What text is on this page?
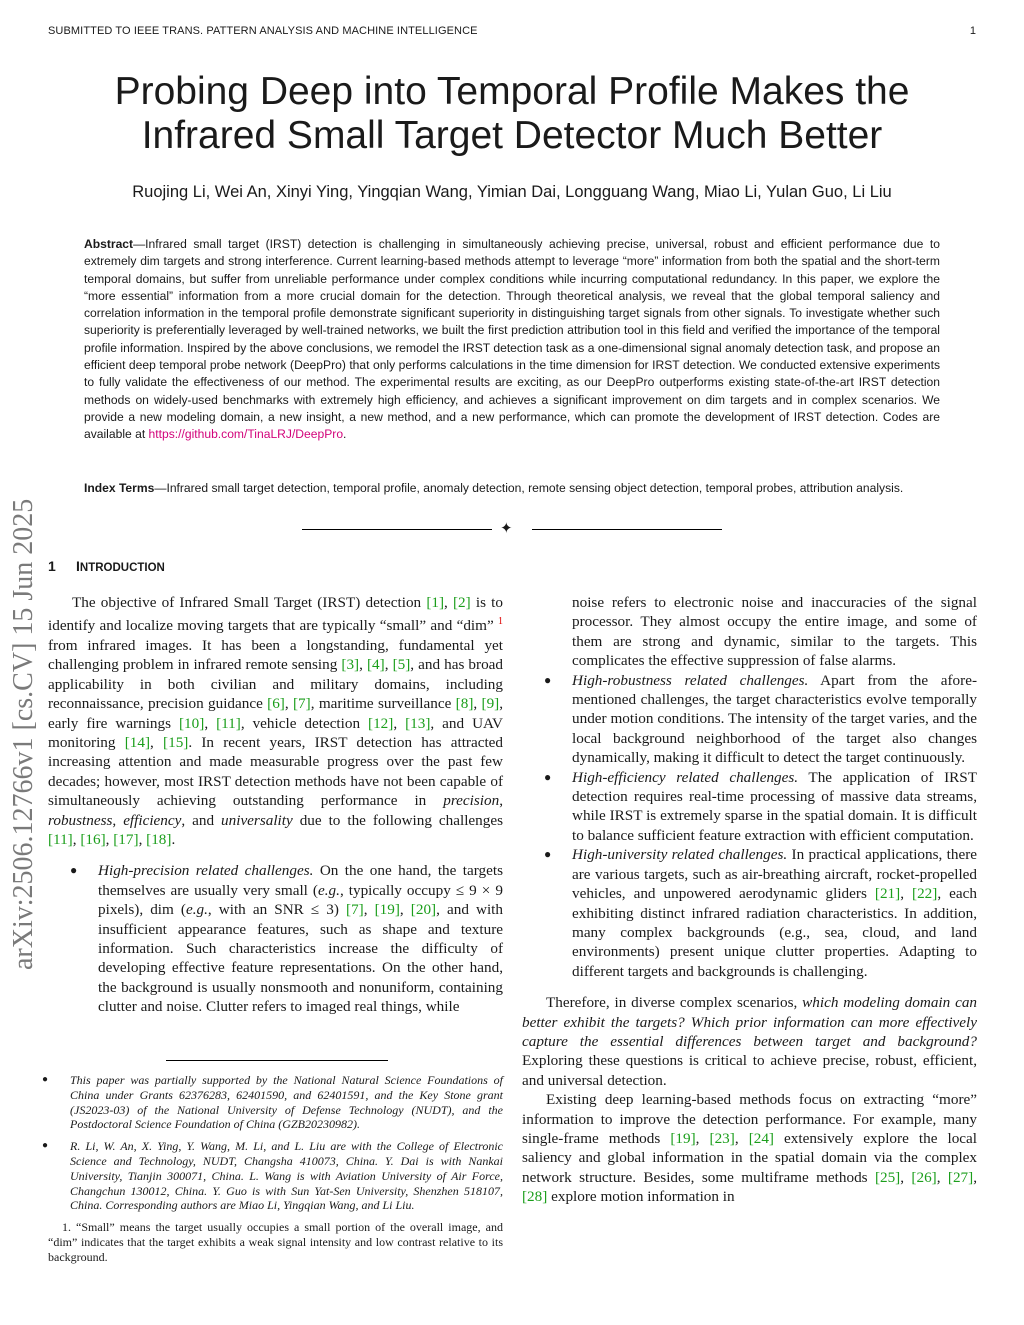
SUBMITTED TO IEEE TRANS. PATTERN ANALYSIS AND MACHINE INTELLIGENCE	1
Probing Deep into Temporal Profile Makes the
Infrared Small Target Detector Much Better
Ruojing Li, Wei An, Xinyi Ying, Yingqian Wang, Yimian Dai, Longguang Wang, Miao Li, Yulan Guo, Li Liu

Abstract—Infrared small target (IRST) detection is challenging in simultaneously achieving precise, universal, robust and efficient performance due to extremely dim targets and strong interference. Current learning-based methods attempt to leverage “more” information from both the spatial and the short-term temporal domains, but suffer from unreliable performance under complex conditions while incurring computational redundancy. In this paper, we explore the “more essential” information from a more crucial domain for the detection. Through theoretical analysis, we reveal that the global temporal saliency and correlation information in the temporal profile demonstrate significant superiority in distinguishing target signals from other signals. To investigate whether such superiority is preferentially leveraged by well-trained networks, we built the first prediction attribution tool in this field and verified the importance of the temporal profile information. Inspired by the above conclusions, we remodel the IRST detection task as a one-dimensional signal anomaly detection task, and propose an efficient deep temporal probe network (DeepPro) that only performs calculations in the time dimension for IRST detection. We conducted extensive experiments to fully validate the effectiveness of our method. The experimental results are exciting, as our DeepPro outperforms existing state-of-the-art IRST detection methods on widely-used benchmarks with extremely high efficiency, and achieves a significant improvement on dim targets and in complex scenarios. We provide a new modeling domain, a new insight, a new method, and a new performance, which can promote the development of IRST detection. Codes are available at https://github.com/TinaLRJ/DeepPro.

Index Terms—Infrared small target detection, temporal profile, anomaly detection, remote sensing object detection, temporal probes, attribution analysis.

✦
arXiv:2506.12766v1 [cs.CV] 15 Jun 2025 1 INTRODUCTION

The objective of Infrared Small Target (IRST) detection [1], [2] is to identify and localize moving targets that are typically “small” and “dim” $^1$ from infrared images. It has been a longstanding, fundamental yet challenging problem in infrared remote sensing [3], [4], [5], and has broad applicability in both civilian and military domains, including reconnaissance, precision guidance [6], [7], maritime surveillance [8], [9], early fire warnings [10], [11], vehicle detection [12], [13], and UAV monitoring [14], [15]. In recent years, IRST detection has attracted increasing attention and made measurable progress over the past few decades; however, most IRST detection methods have not been capable of simultaneously achieving outstanding performance in precision, robustness, efficiency, and universality due to the following challenges [11], [16], [17], [18].

● High-precision related challenges. On the one hand, the targets themselves are usually very small (e.g., typically occupy ≤ 9 × 9 pixels), dim (e.g., with an SNR ≤ 3) [7], [19], [20], and with insufficient appearance features, such as shape and texture information. Such characteristics increase the difficulty of developing effective feature representations. On the other hand, the background is usually nonsmooth and nonuniform, containing clutter and noise. Clutter refers to imaged real things, while
noise refers to electronic noise and inaccuracies of the signal processor. They almost occupy the entire image, and some of them are strong and dynamic, similar to the targets. This complicates the effective suppression of false alarms.
● High-robustness related challenges. Apart from the aforementioned challenges, the target characteristics evolve temporally under motion conditions. The intensity of the target varies, and the local background neighborhood of the target also changes dynamically, making it difficult to detect the target continuously.
● High-efficiency related challenges. The application of IRST detection requires real-time processing of massive data streams, while IRST is extremely sparse in the spatial domain. It is difficult to balance sufficient feature extraction with efficient computation.
● High-university related challenges. In practical applications, there are various targets, such as air-breathing aircraft, rocket-propelled vehicles, and unpowered aerodynamic gliders [21], [22], each exhibiting distinct infrared radiation characteristics. In addition, many complex backgrounds (e.g., sea, cloud, and land environments) present unique clutter properties. Adapting to different targets and backgrounds is challenging.

Therefore, in diverse complex scenarios, which modeling domain can better exhibit the targets? Which prior information can more effectively capture the essential differences between target and background? Exploring these questions is critical to achieve precise, robust, efficient, and universal detection.

Existing deep learning-based methods focus on extracting “more” information to improve the detection performance. For example, many single-frame methods [19], [23], [24] extensively explore the local saliency and global information in the spatial domain via the complex network structure. Besides, some multiframe methods [25], [26], [27], [28] explore motion information in

● This paper was partially supported by the National Natural Science Foundations of China under Grants 62376283, 62401590, and 62401591, and the Key Stone grant (JS2023-03) of the National University of Defense Technology (NUDT), and the Postdoctoral Science Foundation of China (GZB20230982).

● R. Li, W. An, X. Ying, Y. Wang, M. Li, and L. Liu are with the College of Electronic Science and Technology, NUDT, Changsha 410073, China. Y. Dai is with Nankai University, Tianjin 300071, China. L. Wang is with Aviation University of Air Force, Changchun 130012, China. Y. Guo is with Sun Yat-Sen University, Shenzhen 518107, China. Corresponding authors are Miao Li, Yingqian Wang, and Li Liu.

1. “Small” means the target usually occupies a small portion of the overall image, and “dim” indicates that the target exhibits a weak signal intensity and low contrast relative to its background.
